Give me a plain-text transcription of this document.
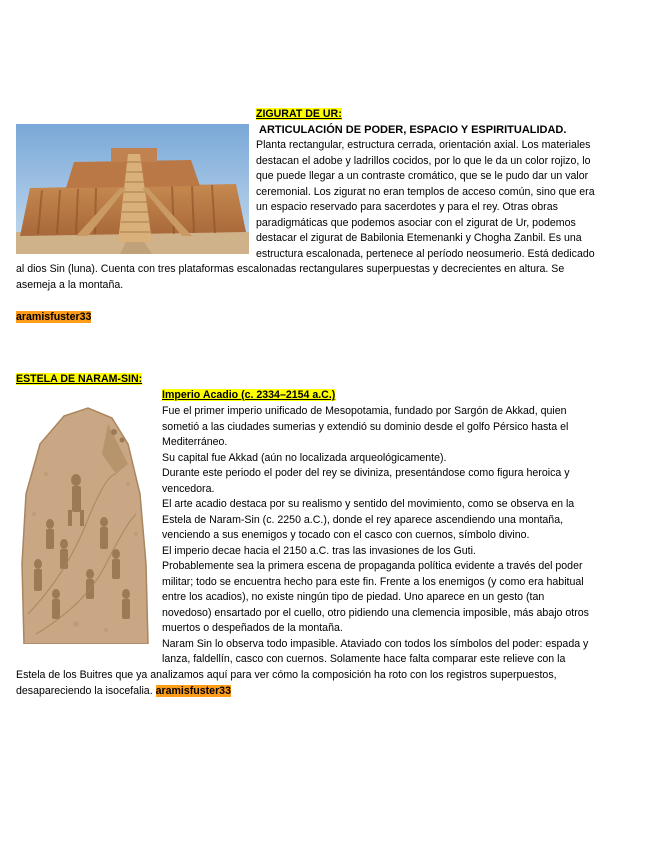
ZIGURAT DE UR:
ARTICULACIÓN DE PODER, ESPACIO Y ESPIRITUALIDAD.
Planta rectangular, estructura cerrada, orientación axial. Los materiales
destacan el adobe y ladrillos cocidos, por lo que le da un color rojizo, lo
que puede llegar a un contraste cromático, que se le pudo dar un valor
ceremonial. Los zigurat no eran templos de acceso común, sino que era
un espacio reservado para sacerdotes y para el rey. Otras obras
paradigmáticas que podemos asociar con el zigurat de Ur, podemos
destacar el zigurat de Babilonia Etemenanki y Chogha Zanbil. Es una
estructura escalonada, pertenece al período neosumerio. Está dedicado
al dios Sin (luna). Cuenta con tres plataformas escalonadas rectangulares superpuestas y decrecientes en altura. Se
asemeja a la montaña.
aramisfuster33
ESTELA DE NARAM-SIN:
Imperio Acadio (c. 2334–2154 a.C.)
Fue el primer imperio unificado de Mesopotamia, fundado por Sargón de Akkad, quien
sometió a las ciudades sumerias y extendió su dominio desde el golfo Pérsico hasta el
Mediterráneo.
Su capital fue Akkad (aún no localizada arqueológicamente).
Durante este periodo el poder del rey se diviniza, presentándose como figura heroica y
vencedora.
El arte acadio destaca por su realismo y sentido del movimiento, como se observa en la
Estela de Naram-Sin (c. 2250 a.C.), donde el rey aparece ascendiendo una montaña,
venciendo a sus enemigos y tocado con el casco con cuernos, símbolo divino.
El imperio decae hacia el 2150 a.C. tras las invasiones de los Guti.
Probablemente sea la primera escena de propaganda política evidente a través del poder
militar; todo se encuentra hecho para este fin. Frente a los enemigos (y como era habitual
entre los acadios), no existe ningún tipo de piedad. Uno aparece en un gesto (tan
novedoso) ensartado por el cuello, otro pidiendo una clemencia imposible, más abajo otros
muertos o despeñados de la montaña.
Naram Sin lo observa todo impasible. Ataviado con todos los símbolos del poder: espada y
lanza, faldellín, casco con cuernos. Solamente hace falta comparar este relieve con la
Estela de los Buitres que ya analizamos aquí para ver cómo la composición ha roto con los registros superpuestos,
desapareciendo la isocefalia. aramisfuster33
